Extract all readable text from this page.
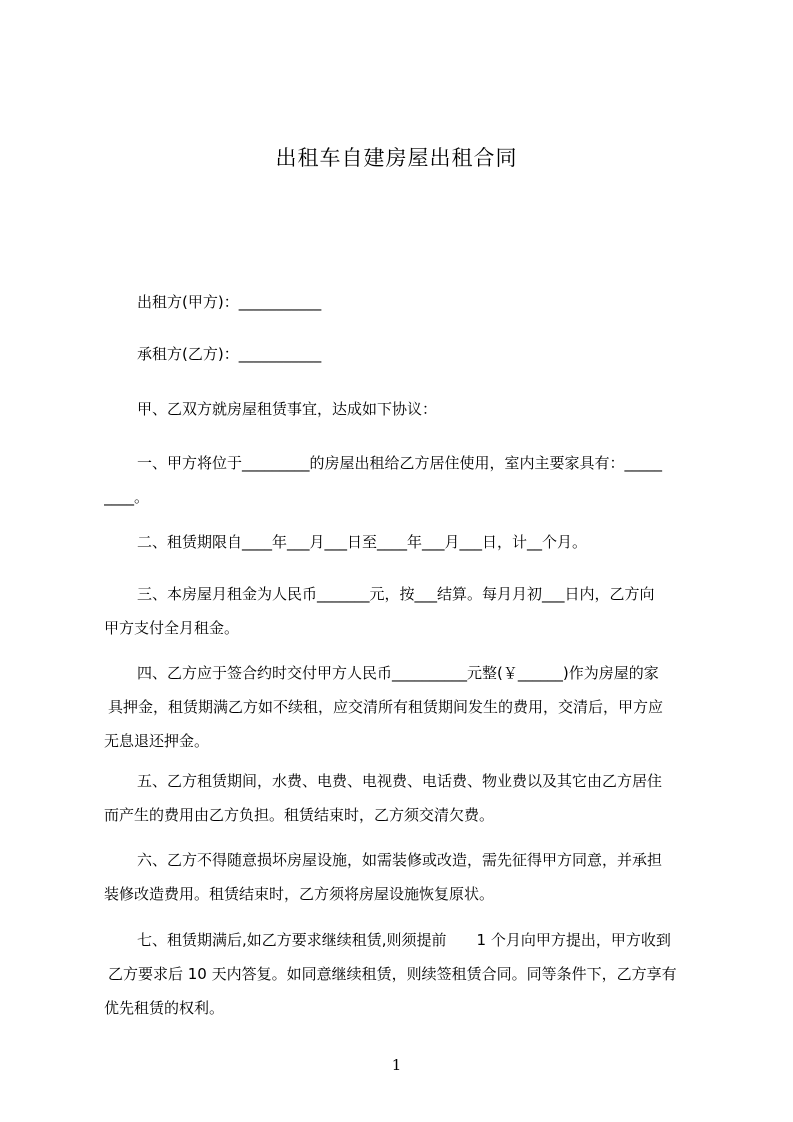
出租车自建房屋出租合同
出租方(甲方)：___________
承租方(乙方)：___________
甲、乙双方就房屋租赁事宜，达成如下协议：
一、甲方将位于_________的房屋出租给乙方居住使用，室内主要家具有：_____
____。
二、租赁期限自____年___月___日至____年___月___日，计__个月。
三、本房屋月租金为人民币_______元，按___结算。每月月初___日内，乙方向
甲方支付全月租金。
四、乙方应于签合约时交付甲方人民币__________元整(￥______)作为房屋的家
具押金，租赁期满乙方如不续租，应交清所有租赁期间发生的费用，交清后，甲方应
无息退还押金。
五、乙方租赁期间，水费、电费、电视费、电话费、物业费以及其它由乙方居住
而产生的费用由乙方负担。租赁结束时，乙方须交清欠费。
六、乙方不得随意损坏房屋设施，如需装修或改造，需先征得甲方同意，并承担
装修改造费用。租赁结束时，乙方须将房屋设施恢复原状。
七、租赁期满后,如乙方要求继续租赁,则须提前　　1 个月向甲方提出，甲方收到
乙方要求后 10 天内答复。如同意继续租赁，则续签租赁合同。同等条件下，乙方享有
优先租赁的权利。
1
